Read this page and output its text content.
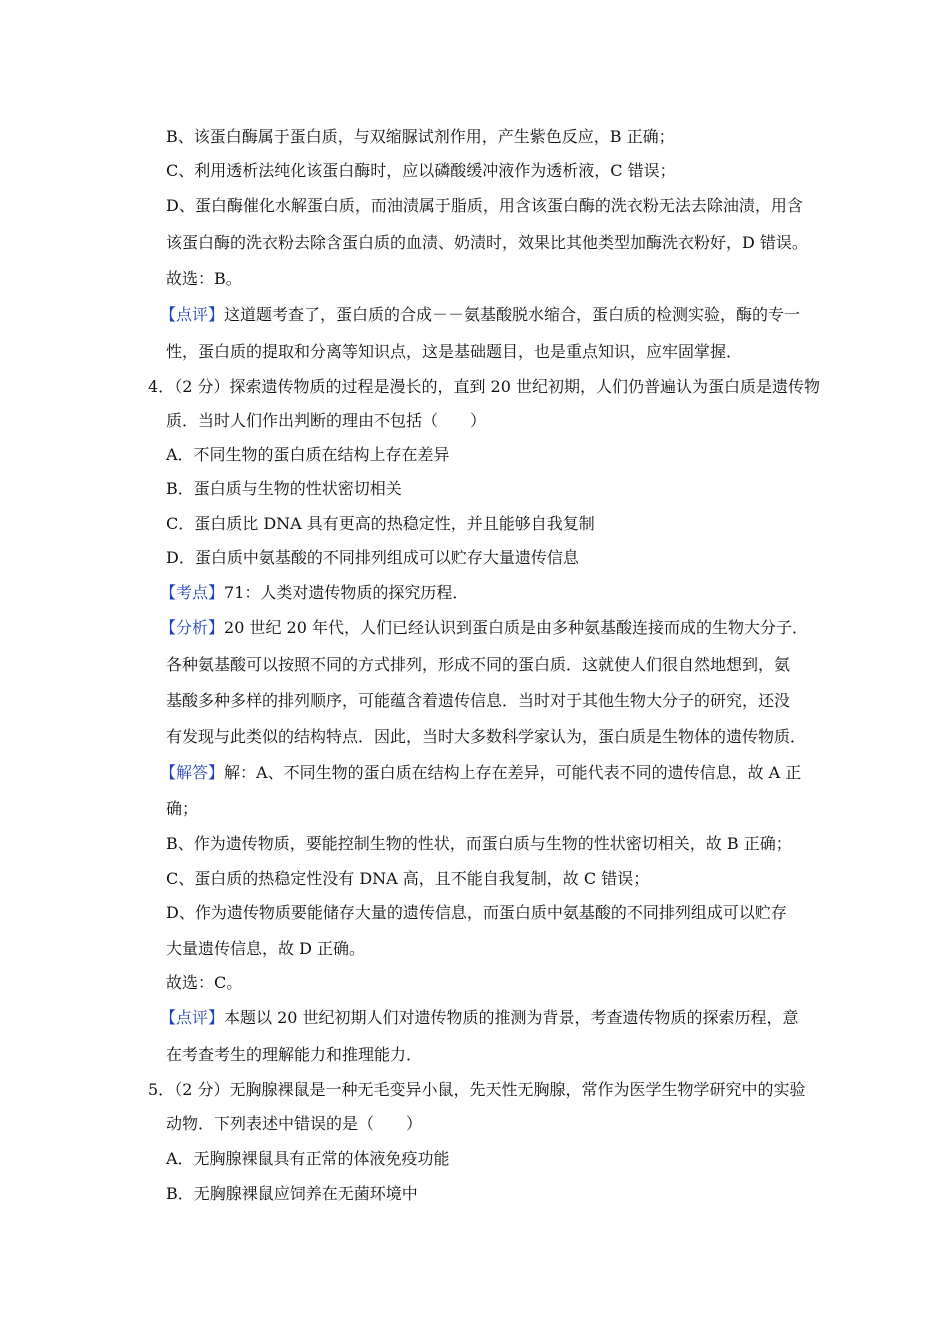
B、该蛋白酶属于蛋白质，与双缩脲试剂作用，产生紫色反应，B 正确；
C、利用透析法纯化该蛋白酶时，应以磷酸缓冲液作为透析液，C 错误；
D、蛋白酶催化水解蛋白质，而油渍属于脂质，用含该蛋白酶的洗衣粉无法去除油渍，用含
该蛋白酶的洗衣粉去除含蛋白质的血渍、奶渍时，效果比其他类型加酶洗衣粉好，D 错误。
故选：B。
【点评】这道题考查了，蛋白质的合成－－氨基酸脱水缩合，蛋白质的检测实验，酶的专一
性，蛋白质的提取和分离等知识点，这是基础题目，也是重点知识，应牢固掌握．
4．（2 分）探索遗传物质的过程是漫长的，直到 20 世纪初期，人们仍普遍认为蛋白质是遗传物
质．当时人们作出判断的理由不包括（　　）
A．不同生物的蛋白质在结构上存在差异
B．蛋白质与生物的性状密切相关
C．蛋白质比 DNA 具有更高的热稳定性，并且能够自我复制
D．蛋白质中氨基酸的不同排列组成可以贮存大量遗传信息
【考点】71：人类对遗传物质的探究历程．
【分析】20 世纪 20 年代，人们已经认识到蛋白质是由多种氨基酸连接而成的生物大分子．
各种氨基酸可以按照不同的方式排列，形成不同的蛋白质．这就使人们很自然地想到，氨
基酸多种多样的排列顺序，可能蕴含着遗传信息．当时对于其他生物大分子的研究，还没
有发现与此类似的结构特点．因此，当时大多数科学家认为，蛋白质是生物体的遗传物质．
【解答】解：A、不同生物的蛋白质在结构上存在差异，可能代表不同的遗传信息，故 A 正
确；
B、作为遗传物质，要能控制生物的性状，而蛋白质与生物的性状密切相关，故 B 正确；
C、蛋白质的热稳定性没有 DNA 高，且不能自我复制，故 C 错误；
D、作为遗传物质要能储存大量的遗传信息，而蛋白质中氨基酸的不同排列组成可以贮存
大量遗传信息，故 D 正确。
故选：C。
【点评】本题以 20 世纪初期人们对遗传物质的推测为背景，考查遗传物质的探索历程，意
在考查考生的理解能力和推理能力．
5．（2 分）无胸腺裸鼠是一种无毛变异小鼠，先天性无胸腺，常作为医学生物学研究中的实验
动物．下列表述中错误的是（　　）
A．无胸腺裸鼠具有正常的体液免疫功能
B．无胸腺裸鼠应饲养在无菌环境中
